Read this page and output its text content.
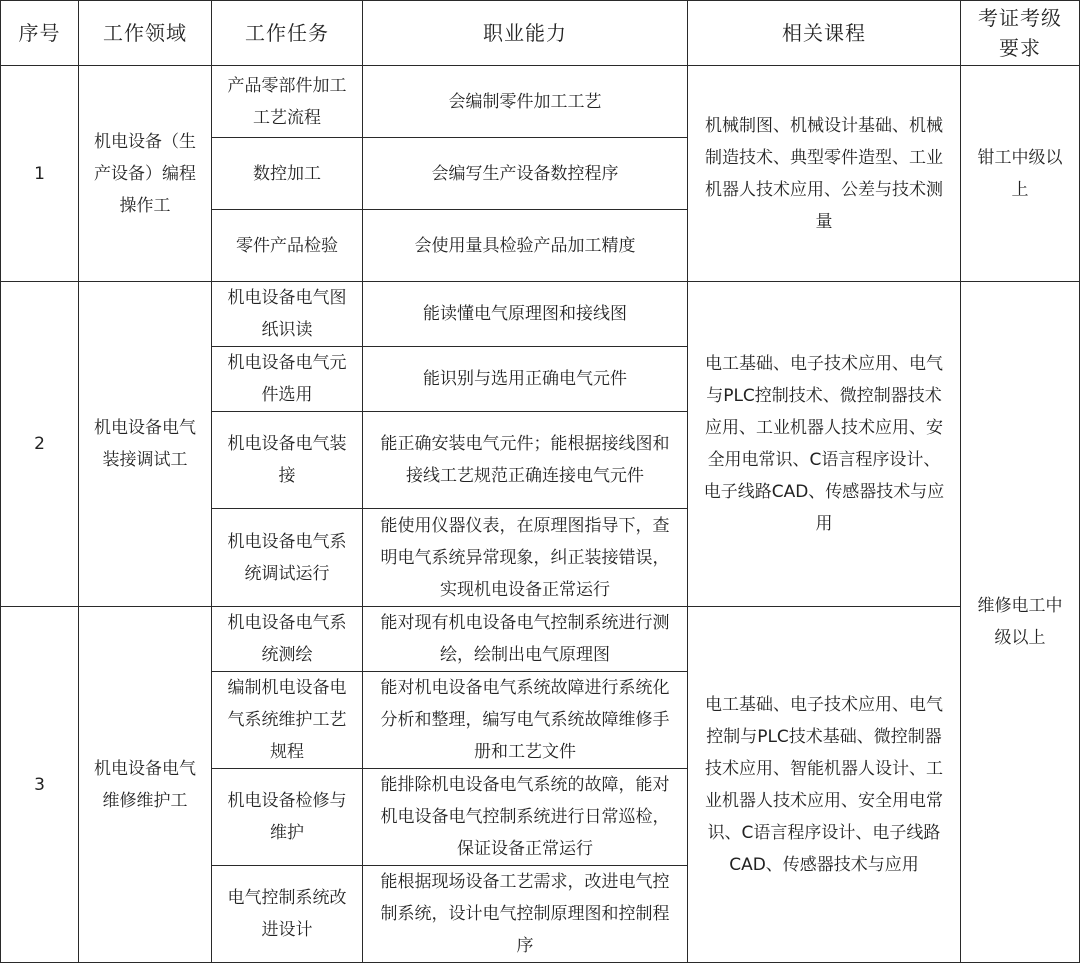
序号	工作领域	工作任务	职业能力	相关课程	考证考级要求
1	机电设备（生产设备）编程操作工	产品零部件加工工艺流程	会编制零件加工工艺	机械制图、机械设计基础、机械制造技术、典型零件造型、工业机器人技术应用、公差与技术测量	钳工中级以上
		数控加工	会编写生产设备数控程序		
		零件产品检验	会使用量具检验产品加工精度		
2	机电设备电气装接调试工	机电设备电气图纸识读	能读懂电气原理图和接线图	电工基础、电子技术应用、电气与PLC控制技术、微控制器技术应用、工业机器人技术应用、安全用电常识、C语言程序设计、电子线路CAD、传感器技术与应用	维修电工中级以上
		机电设备电气元件选用	能识别与选用正确电气元件		
		机电设备电气装接	能正确安装电气元件；能根据接线图和接线工艺规范正确连接电气元件		
		机电设备电气系统调试运行	能使用仪器仪表，在原理图指导下，查明电气系统异常现象，纠正装接错误，实现机电设备正常运行		
3	机电设备电气维修维护工	机电设备电气系统测绘	能对现有机电设备电气控制系统进行测绘，绘制出电气原理图	电工基础、电子技术应用、电气控制与PLC技术基础、微控制器技术应用、智能机器人设计、工业机器人技术应用、安全用电常识、C语言程序设计、电子线路CAD、传感器技术与应用	
		编制机电设备电气系统维护工艺规程	能对机电设备电气系统故障进行系统化分析和整理，编写电气系统故障维修手册和工艺文件		
		机电设备检修与维护	能排除机电设备电气系统的故障，能对机电设备电气控制系统进行日常巡检，保证设备正常运行		
		电气控制系统改进设计	能根据现场设备工艺需求，改进电气控制系统，设计电气控制原理图和控制程序		
